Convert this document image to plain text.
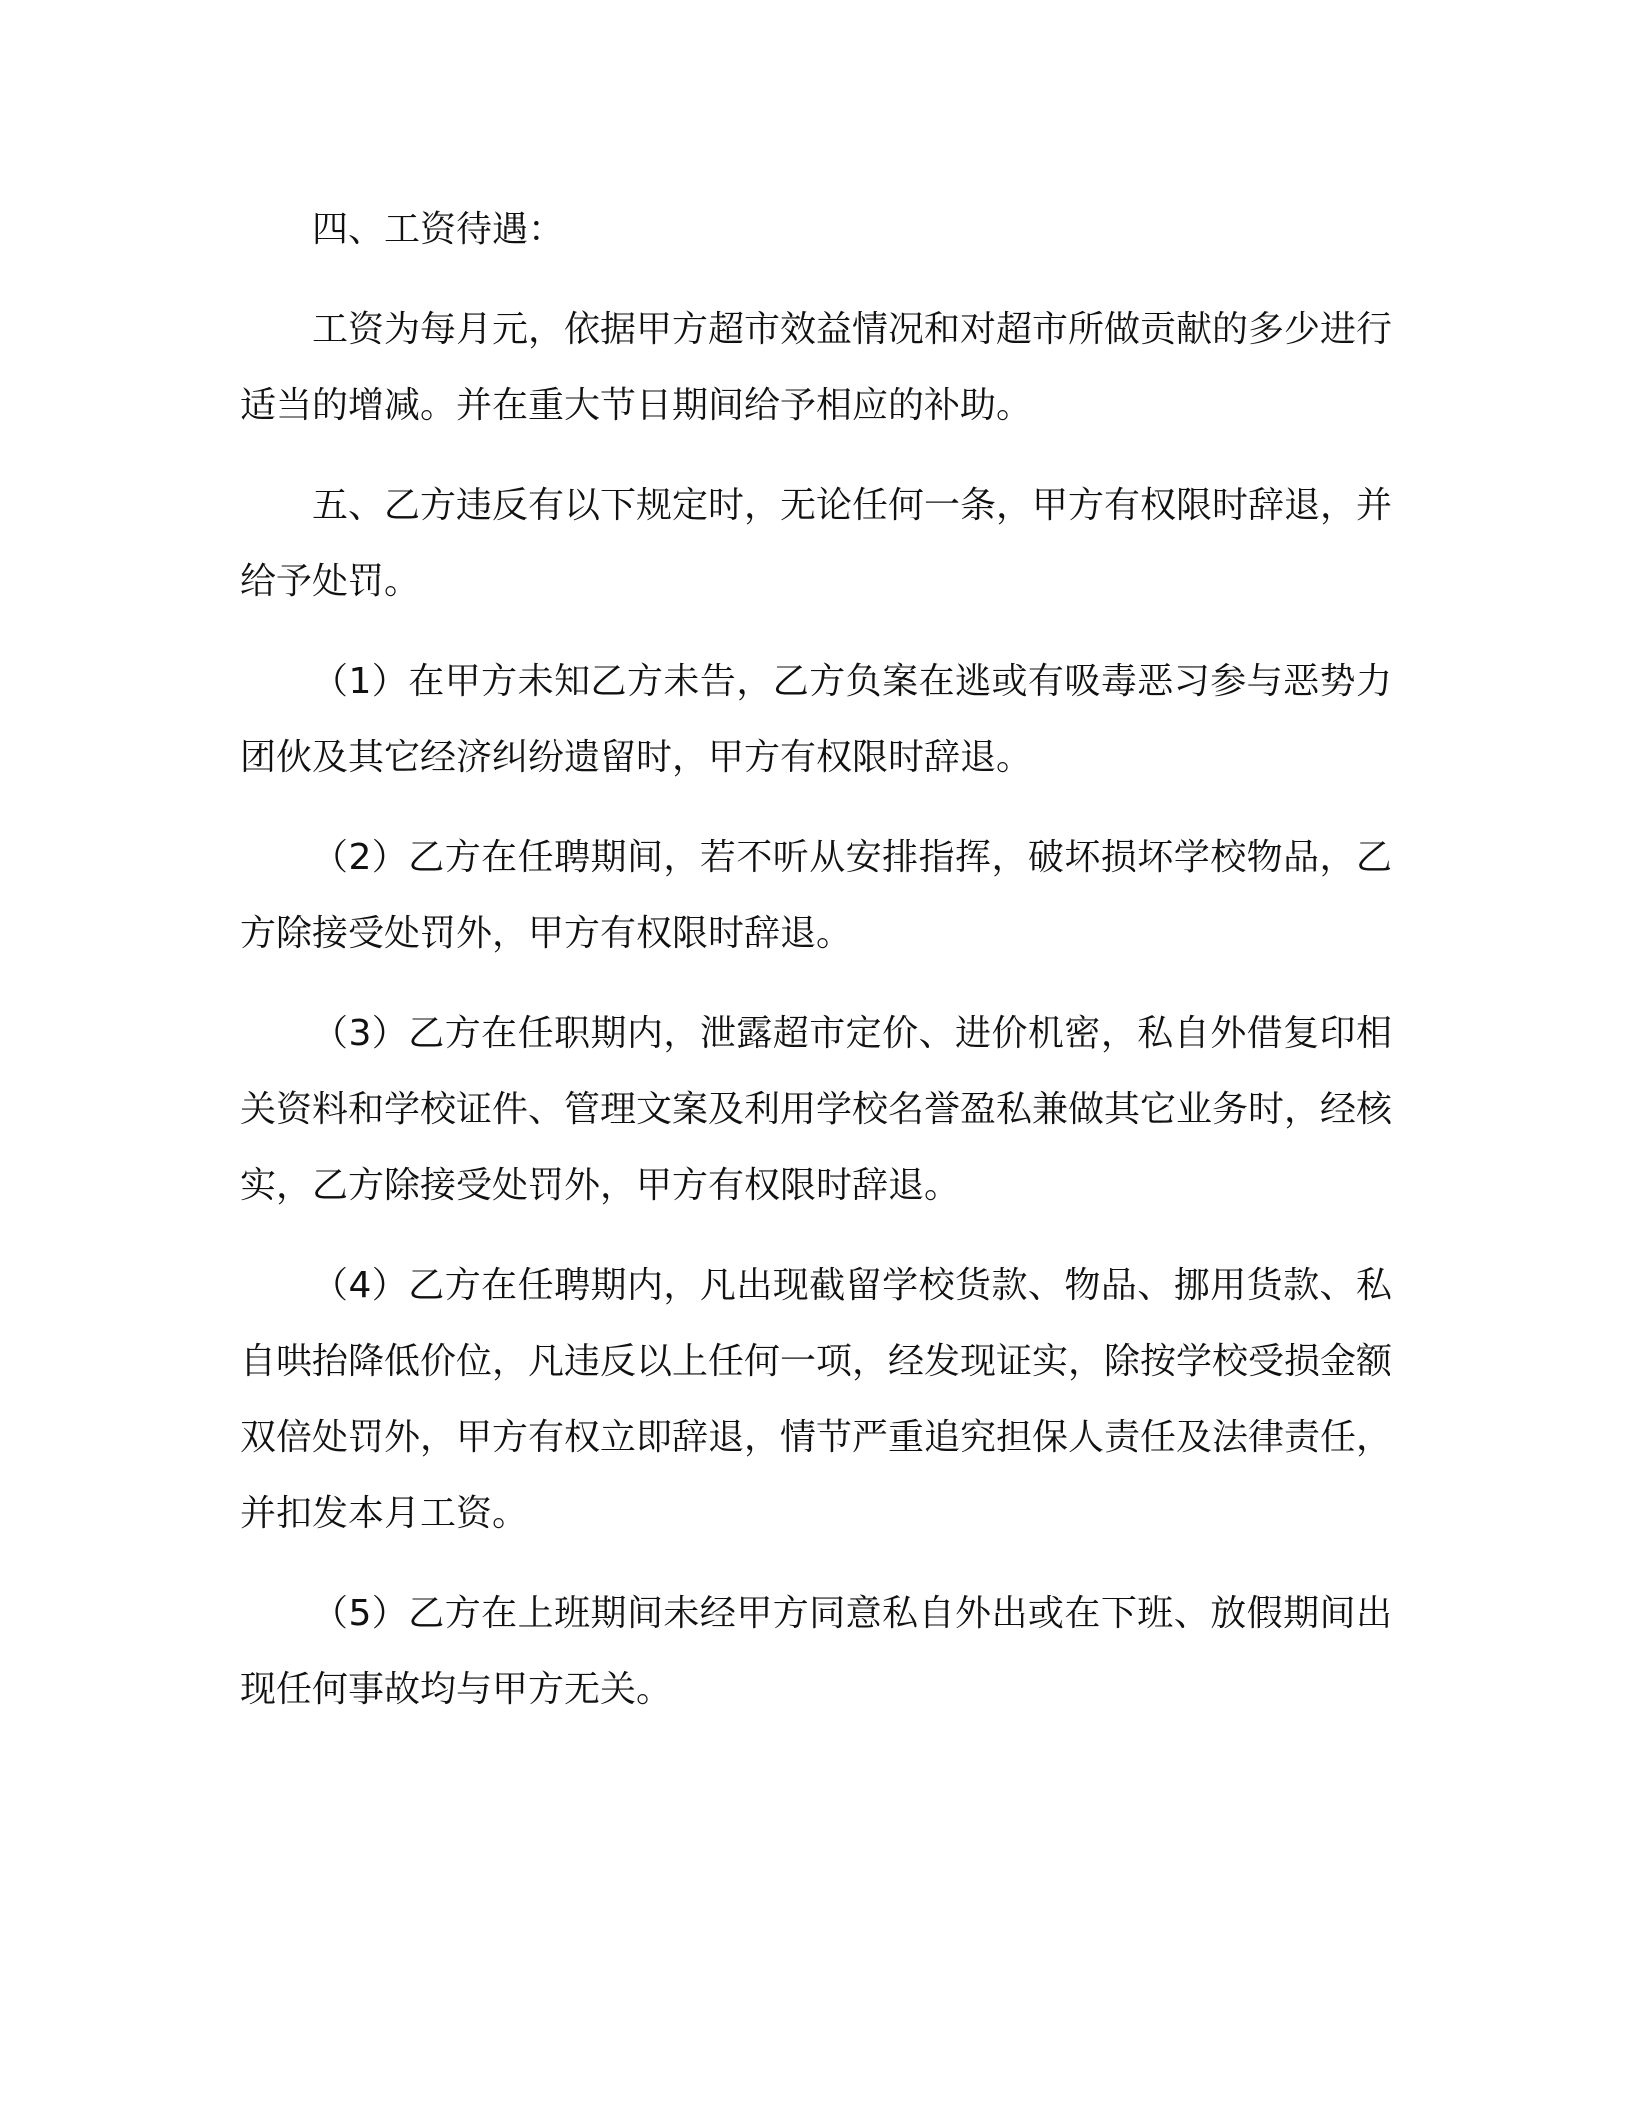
四、工资待遇：

工资为每月元，依据甲方超市效益情况和对超市所做贡献的多少进行适当的增减。并在重大节日期间给予相应的补助。

五、乙方违反有以下规定时，无论任何一条，甲方有权限时辞退，并给予处罚。

（1）在甲方未知乙方未告，乙方负案在逃或有吸毒恶习参与恶势力团伙及其它经济纠纷遗留时，甲方有权限时辞退。

（2）乙方在任聘期间，若不听从安排指挥，破坏损坏学校物品，乙方除接受处罚外，甲方有权限时辞退。

（3）乙方在任职期内，泄露超市定价、进价机密，私自外借复印相关资料和学校证件、管理文案及利用学校名誉盈私兼做其它业务时，经核实，乙方除接受处罚外，甲方有权限时辞退。

（4）乙方在任聘期内，凡出现截留学校货款、物品、挪用货款、私自哄抬降低价位，凡违反以上任何一项，经发现证实，除按学校受损金额双倍处罚外，甲方有权立即辞退，情节严重追究担保人责任及法律责任，并扣发本月工资。

（5）乙方在上班期间未经甲方同意私自外出或在下班、放假期间出现任何事故均与甲方无关。
